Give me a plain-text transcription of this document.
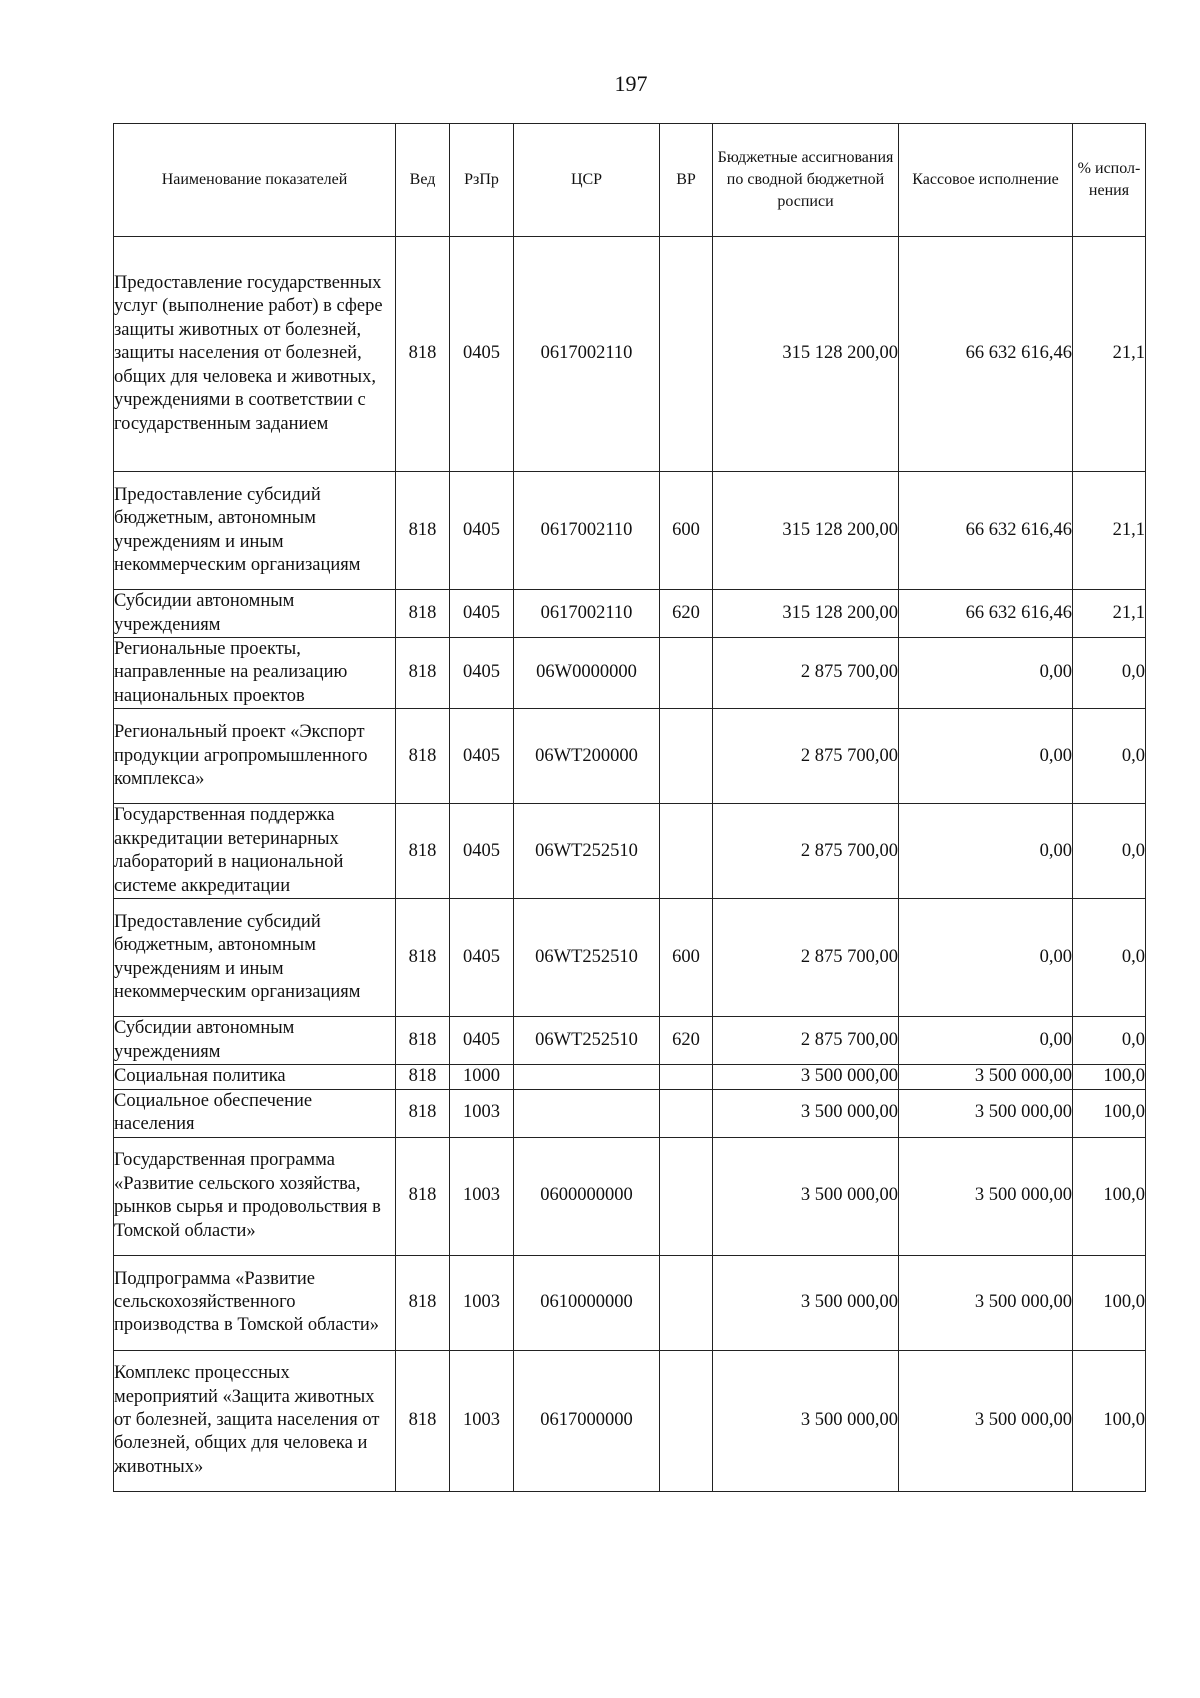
197
Наименование показателей	Вед	РзПр	ЦСР	ВР	Бюджетные ассигнования по сводной бюджетной росписи	Кассовое исполнение	% испол-нения
Предоставление государственных услуг (выполнение работ) в сфере защиты животных от болезней, защиты населения от болезней, общих для человека и животных, учреждениями в соответствии с государственным заданием	818	0405	0617002110		315 128 200,00	66 632 616,46	21,1
Предоставление субсидий бюджетным, автономным учреждениям и иным некоммерческим организациям	818	0405	0617002110	600	315 128 200,00	66 632 616,46	21,1
Субсидии автономным учреждениям	818	0405	0617002110	620	315 128 200,00	66 632 616,46	21,1
Региональные проекты, направленные на реализацию национальных проектов	818	0405	06W0000000		2 875 700,00	0,00	0,0
Региональный проект «Экспорт продукции агропромышленного комплекса»	818	0405	06WT200000		2 875 700,00	0,00	0,0
Государственная поддержка аккредитации ветеринарных лабораторий в национальной системе аккредитации	818	0405	06WT252510		2 875 700,00	0,00	0,0
Предоставление субсидий бюджетным, автономным учреждениям и иным некоммерческим организациям	818	0405	06WT252510	600	2 875 700,00	0,00	0,0
Субсидии автономным учреждениям	818	0405	06WT252510	620	2 875 700,00	0,00	0,0
Социальная политика	818	1000			3 500 000,00	3 500 000,00	100,0
Социальное обеспечение населения	818	1003			3 500 000,00	3 500 000,00	100,0
Государственная программа «Развитие сельского хозяйства, рынков сырья и продовольствия в Томской области»	818	1003	0600000000		3 500 000,00	3 500 000,00	100,0
Подпрограмма «Развитие сельскохозяйственного производства в Томской области»	818	1003	0610000000		3 500 000,00	3 500 000,00	100,0
Комплекс процессных мероприятий «Защита животных от болезней, защита населения от болезней, общих для человека и животных»	818	1003	0617000000		3 500 000,00	3 500 000,00	100,0
